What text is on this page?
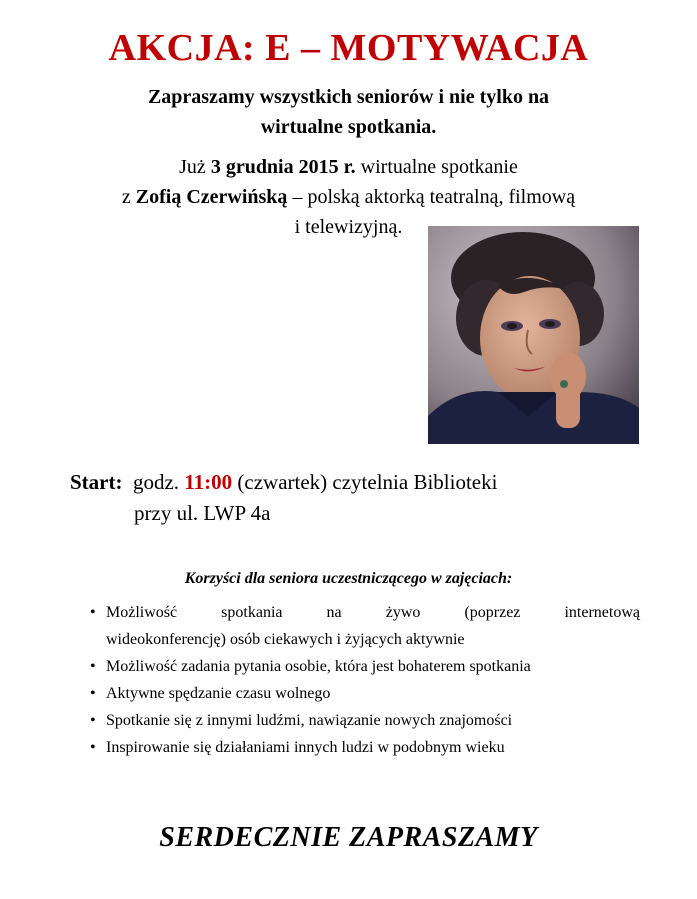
AKCJA: E – MOTYWACJA
Zapraszamy wszystkich seniorów i nie tylko na
wirtualne spotkania.
Już 3 grudnia 2015 r. wirtualne spotkanie
z Zofią Czerwińską – polską aktorką teatralną, filmową
i telewizyjną.
Start: godz. 11:00 (czwartek) czytelnia Biblioteki
przy ul. LWP 4a
Korzyści dla seniora uczestniczącego w zajęciach:
• Możliwość spotkania na żywo (poprzez internetową
wideokonferencję) osób ciekawych i żyjących aktywnie
• Możliwość zadania pytania osobie, która jest bohaterem spotkania
• Aktywne spędzanie czasu wolnego
• Spotkanie się z innymi ludźmi, nawiązanie nowych znajomości
• Inspirowanie się działaniami innych ludzi w podobnym wieku
SERDECZNIE ZAPRASZAMY
